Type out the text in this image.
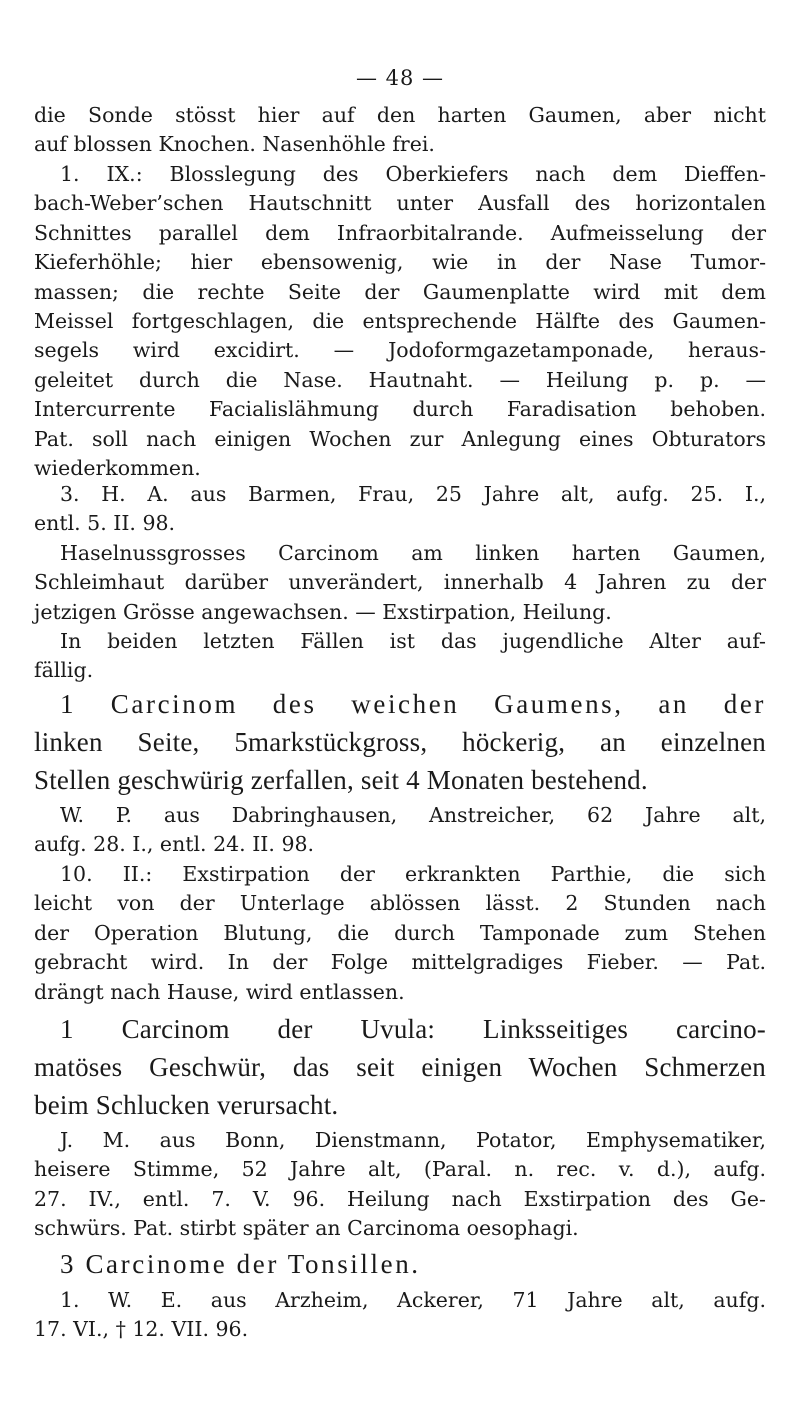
— 48 —
die Sonde stösst hier auf den harten Gaumen, aber nicht
auf blossen Knochen. Nasenhöhle frei.
1. IX.: Blosslegung des Oberkiefers nach dem Dieffen-
bach-Weber’schen Hautschnitt unter Ausfall des horizontalen
Schnittes parallel dem Infraorbitalrande. Aufmeisselung der
Kieferhöhle; hier ebensowenig, wie in der Nase Tumor-
massen; die rechte Seite der Gaumenplatte wird mit dem
Meissel fortgeschlagen, die entsprechende Hälfte des Gaumen-
segels wird excidirt. — Jodoformgazetamponade, heraus-
geleitet durch die Nase. Hautnaht. — Heilung p. p. —
Intercurrente Facialislähmung durch Faradisation behoben.
Pat. soll nach einigen Wochen zur Anlegung eines Obturators
wiederkommen.
3. H. A. aus Barmen, Frau, 25 Jahre alt, aufg. 25. I.,
entl. 5. II. 98.
Haselnussgrosses Carcinom am linken harten Gaumen,
Schleimhaut darüber unverändert, innerhalb 4 Jahren zu der
jetzigen Grösse angewachsen. — Exstirpation, Heilung.
In beiden letzten Fällen ist das jugendliche Alter auf-
fällig.
1 Carcinom des weichen Gaumens, an der
linken Seite, 5markstückgross, höckerig, an einzelnen
Stellen geschwürig zerfallen, seit 4 Monaten bestehend.
W. P. aus Dabringhausen, Anstreicher, 62 Jahre alt,
aufg. 28. I., entl. 24. II. 98.
10. II.: Exstirpation der erkrankten Parthie, die sich
leicht von der Unterlage ablössen lässt. 2 Stunden nach
der Operation Blutung, die durch Tamponade zum Stehen
gebracht wird. In der Folge mittelgradiges Fieber. — Pat.
drängt nach Hause, wird entlassen.
1 Carcinom der Uvula: Linksseitiges carcino-
matöses Geschwür, das seit einigen Wochen Schmerzen
beim Schlucken verursacht.
J. M. aus Bonn, Dienstmann, Potator, Emphysematiker,
heisere Stimme, 52 Jahre alt, (Paral. n. rec. v. d.), aufg.
27. IV., entl. 7. V. 96. Heilung nach Exstirpation des Ge-
schwürs. Pat. stirbt später an Carcinoma oesophagi.
3 Carcinome der Tonsillen.
1. W. E. aus Arzheim, Ackerer, 71 Jahre alt, aufg.
17. VI., † 12. VII. 96.
